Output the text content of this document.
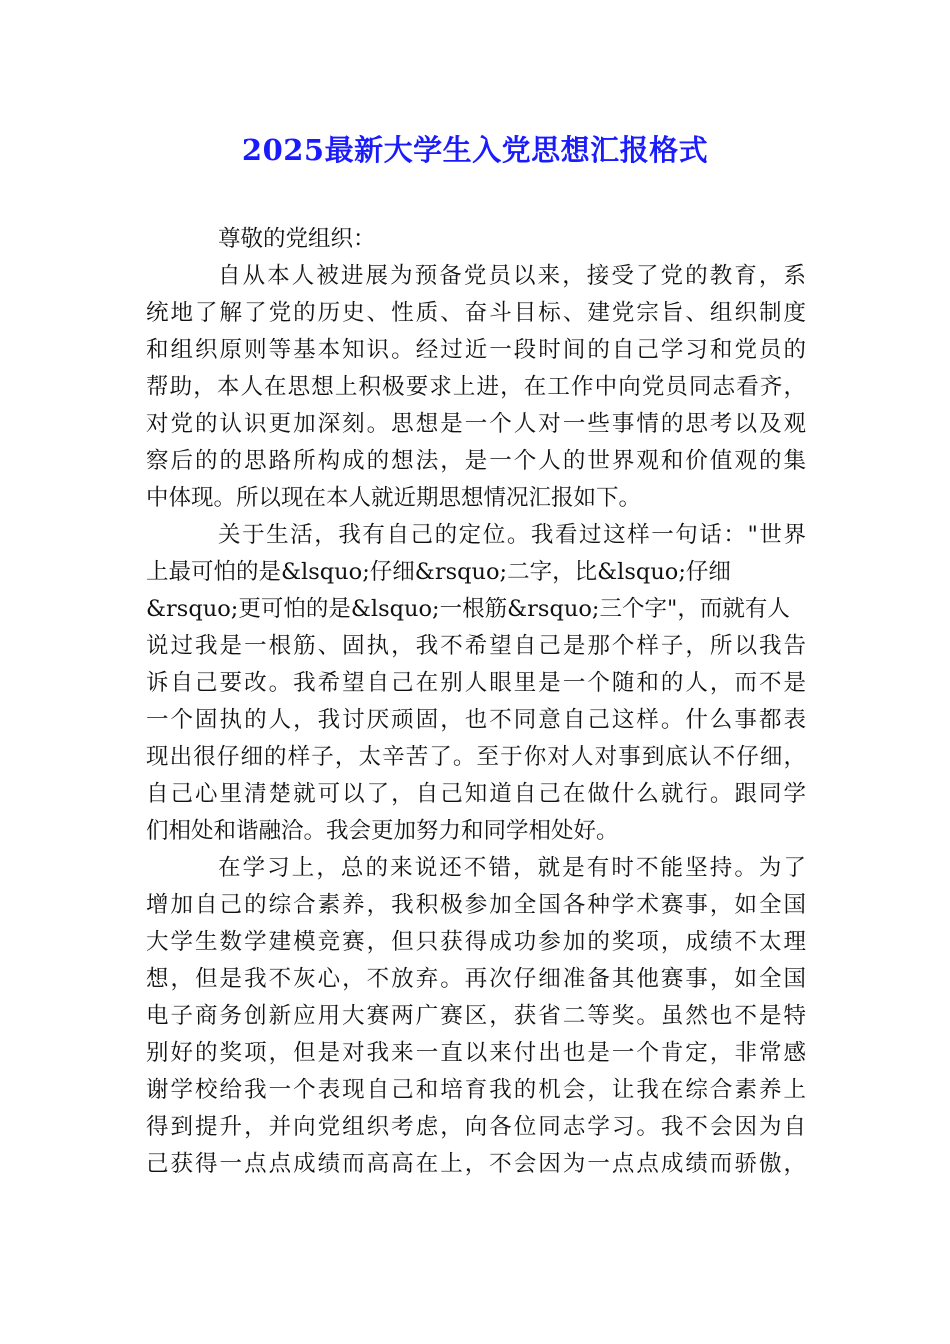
2025最新大学生入党思想汇报格式
尊敬的党组织：
自从本人被进展为预备党员以来，接受了党的教育，系
统地了解了党的历史、性质、奋斗目标、建党宗旨、组织制度
和组织原则等基本知识。经过近一段时间的自己学习和党员的
帮助，本人在思想上积极要求上进，在工作中向党员同志看齐，
对党的认识更加深刻。思想是一个人对一些事情的思考以及观
察后的的思路所构成的想法，是一个人的世界观和价值观的集
中体现。所以现在本人就近期思想情况汇报如下。
关于生活，我有自己的定位。我看过这样一句话："世界
上最可怕的是&lsquo;仔细&rsquo;二字，比&lsquo;仔细
&rsquo;更可怕的是&lsquo;一根筋&rsquo;三个字"，而就有人
说过我是一根筋、固执，我不希望自己是那个样子，所以我告
诉自己要改。我希望自己在别人眼里是一个随和的人，而不是
一个固执的人，我讨厌顽固，也不同意自己这样。什么事都表
现出很仔细的样子，太辛苦了。至于你对人对事到底认不仔细，
自己心里清楚就可以了，自己知道自己在做什么就行。跟同学
们相处和谐融洽。我会更加努力和同学相处好。
在学习上，总的来说还不错，就是有时不能坚持。为了
增加自己的综合素养，我积极参加全国各种学术赛事，如全国
大学生数学建模竞赛，但只获得成功参加的奖项，成绩不太理
想，但是我不灰心，不放弃。再次仔细准备其他赛事，如全国
电子商务创新应用大赛两广赛区，获省二等奖。虽然也不是特
别好的奖项，但是对我来一直以来付出也是一个肯定，非常感
谢学校给我一个表现自己和培育我的机会，让我在综合素养上
得到提升，并向党组织考虑，向各位同志学习。我不会因为自
己获得一点点成绩而高高在上，不会因为一点点成绩而骄傲，
